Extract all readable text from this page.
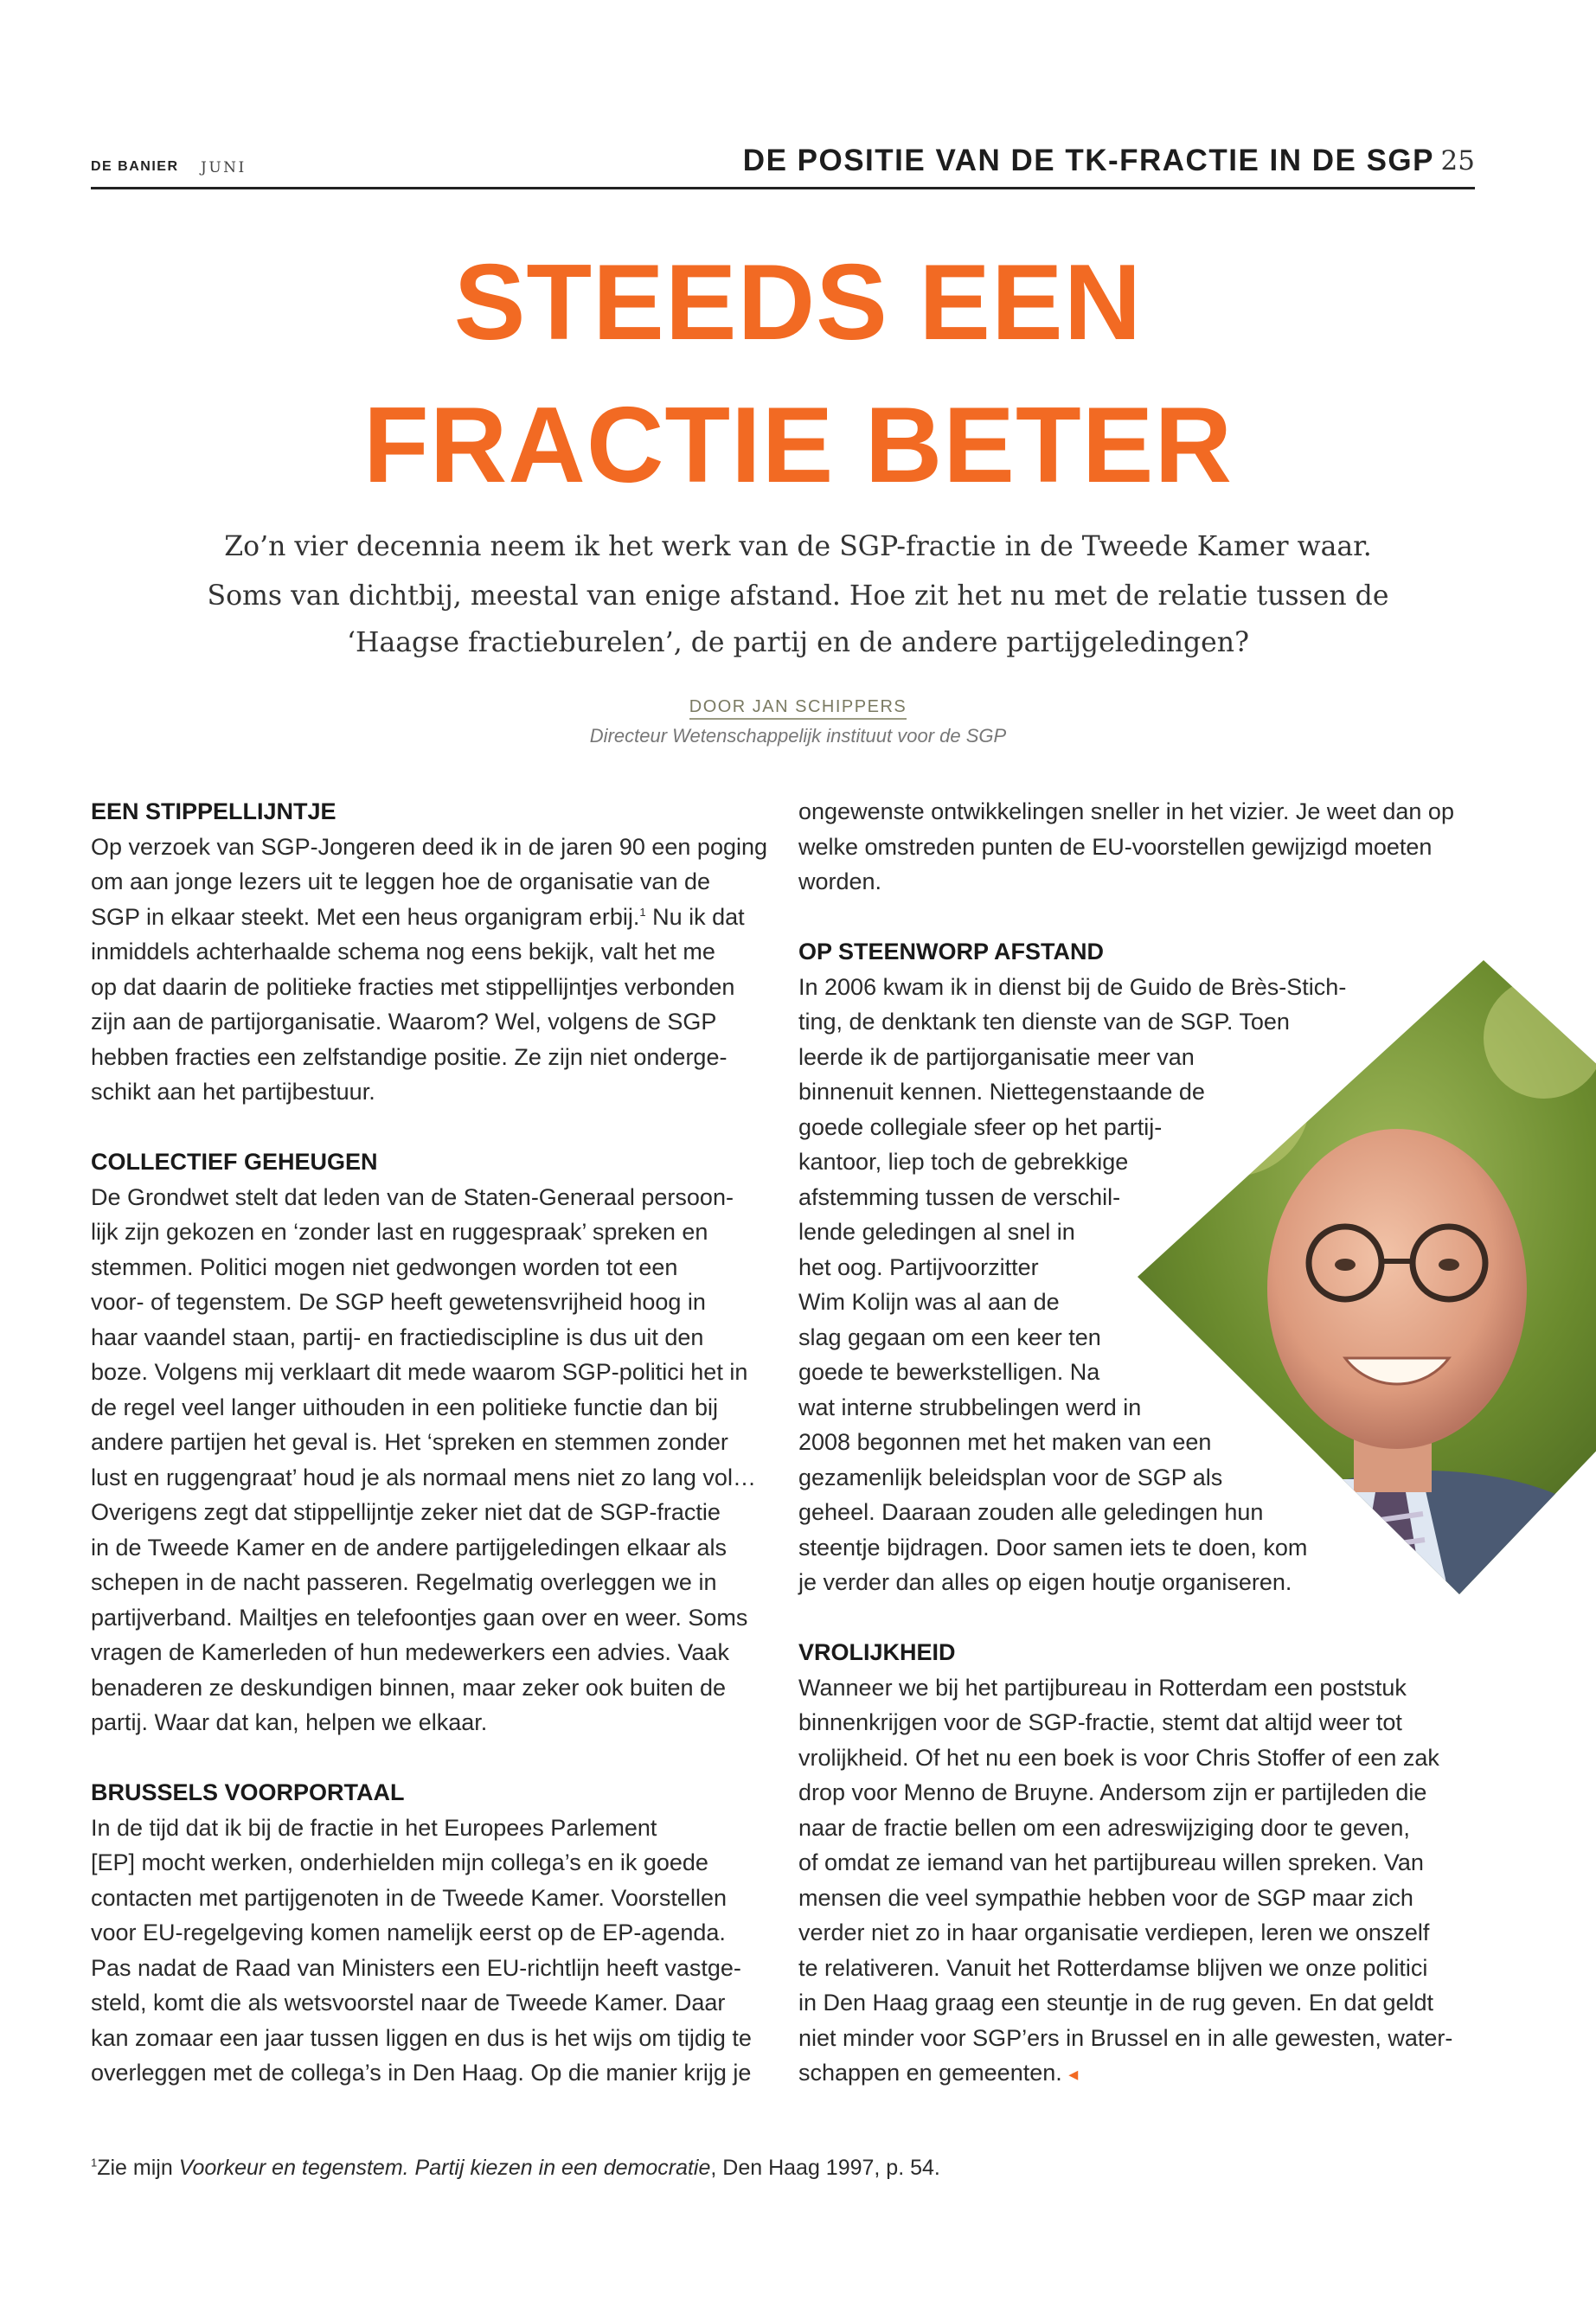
DE BANIER JUNI	DE POSITIE VAN DE TK-FRACTIE IN DE SGP 25
STEEDS EEN
FRACTIE BETER
Zo’n vier decennia neem ik het werk van de SGP-fractie in de Tweede Kamer waar.
Soms van dichtbij, meestal van enige afstand. Hoe zit het nu met de relatie tussen de
‘Haagse fractieburelen’, de partij en de andere partijgeledingen?
DOOR JAN SCHIPPERS
Directeur Wetenschappelijk instituut voor de SGP
EEN STIPPELLIJNTJE
Op verzoek van SGP-Jongeren deed ik in de jaren 90 een poging
om aan jonge lezers uit te leggen hoe de organisatie van de
SGP in elkaar steekt. Met een heus organigram erbij.$^1$ Nu ik dat
inmiddels achterhaalde schema nog eens bekijk, valt het me
op dat daarin de politieke fracties met stippellijntjes verbonden
zijn aan de partijorganisatie. Waarom? Wel, volgens de SGP
hebben fracties een zelfstandige positie. Ze zijn niet onderge-
schikt aan het partijbestuur.
COLLECTIEF GEHEUGEN
De Grondwet stelt dat leden van de Staten-Generaal persoon-
lijk zijn gekozen en ‘zonder last en ruggespraak’ spreken en
stemmen. Politici mogen niet gedwongen worden tot een
voor- of tegenstem. De SGP heeft gewetensvrijheid hoog in
haar vaandel staan, partij- en fractiediscipline is dus uit den
boze. Volgens mij verklaart dit mede waarom SGP-politici het in
de regel veel langer uithouden in een politieke functie dan bij
andere partijen het geval is. Het ‘spreken en stemmen zonder
lust en ruggengraat’ houd je als normaal mens niet zo lang vol…
Overigens zegt dat stippellijntje zeker niet dat de SGP-fractie
in de Tweede Kamer en de andere partijgeledingen elkaar als
schepen in de nacht passeren. Regelmatig overleggen we in
partijverband. Mailtjes en telefoontjes gaan over en weer. Soms
vragen de Kamerleden of hun medewerkers een advies. Vaak
benaderen ze deskundigen binnen, maar zeker ook buiten de
partij. Waar dat kan, helpen we elkaar.
BRUSSELS VOORPORTAAL
In de tijd dat ik bij de fractie in het Europees Parlement
[EP] mocht werken, onderhielden mijn collega’s en ik goede
contacten met partijgenoten in de Tweede Kamer. Voorstellen
voor EU-regelgeving komen namelijk eerst op de EP-agenda.
Pas nadat de Raad van Ministers een EU-richtlijn heeft vastge-
steld, komt die als wetsvoorstel naar de Tweede Kamer. Daar
kan zomaar een jaar tussen liggen en dus is het wijs om tijdig te
overleggen met de collega’s in Den Haag. Op die manier krijg je
ongewenste ontwikkelingen sneller in het vizier. Je weet dan op
welke omstreden punten de EU-voorstellen gewijzigd moeten
worden.
OP STEENWORP AFSTAND
In 2006 kwam ik in dienst bij de Guido de Brès-Stich-
ting, de denktank ten dienste van de SGP. Toen
leerde ik de partijorganisatie meer van
binnenuit kennen. Niettegenstaande de
goede collegiale sfeer op het partij-
kantoor, liep toch de gebrekkige
afstemming tussen de verschil-
lende geledingen al snel in
het oog. Partijvoorzitter
Wim Kolijn was al aan de
slag gegaan om een keer ten
goede te bewerkstelligen. Na
wat interne strubbelingen werd in
2008 begonnen met het maken van een
gezamenlijk beleidsplan voor de SGP als
geheel. Daaraan zouden alle geledingen hun
steentje bijdragen. Door samen iets te doen, kom
je verder dan alles op eigen houtje organiseren.
VROLIJKHEID
Wanneer we bij het partijbureau in Rotterdam een poststuk
binnenkrijgen voor de SGP-fractie, stemt dat altijd weer tot
vrolijkheid. Of het nu een boek is voor Chris Stoffer of een zak
drop voor Menno de Bruyne. Andersom zijn er partijleden die
naar de fractie bellen om een adreswijziging door te geven,
of omdat ze iemand van het partijbureau willen spreken. Van
mensen die veel sympathie hebben voor de SGP maar zich
verder niet zo in haar organisatie verdiepen, leren we onszelf
te relativeren. Vanuit het Rotterdamse blijven we onze politici
in Den Haag graag een steuntje in de rug geven. En dat geldt
niet minder voor SGP’ers in Brussel en in alle gewesten, water-
schappen en gemeenten. ◂
$^1$Zie mijn Voorkeur en tegenstem. Partij kiezen in een democratie, Den Haag 1997, p. 54.
